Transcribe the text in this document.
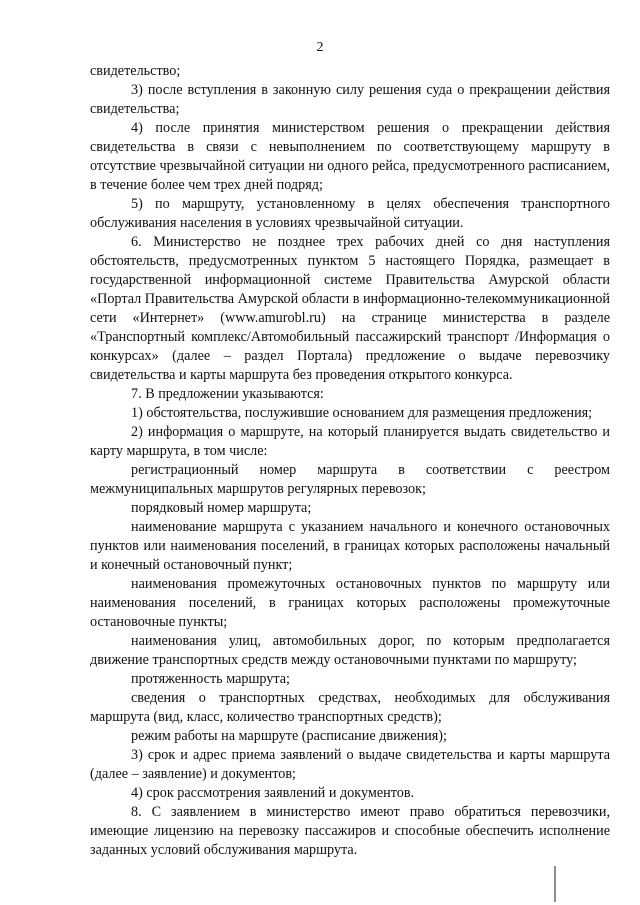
2

свидетельство;

3) после вступления в законную силу решения суда о прекращении действия свидетельства;

4) после принятия министерством решения о прекращении действия свидетельства в связи с невыполнением по соответствующему маршруту в отсутствие чрезвычайной ситуации ни одного рейса, предусмотренного расписанием, в течение более чем трех дней подряд;

5) по маршруту, установленному в целях обеспечения транспортного обслуживания населения в условиях чрезвычайной ситуации.

6. Министерство не позднее трех рабочих дней со дня наступления обстоятельств, предусмотренных пунктом 5 настоящего Порядка, размещает в государственной информационной системе Правительства Амурской области «Портал Правительства Амурской области в информационно-телекоммуникационной сети «Интернет» (www.amurobl.ru) на странице министерства в разделе «Транспортный комплекс/Автомобильный пассажирский транспорт /Информация о конкурсах» (далее – раздел Портала) предложение о выдаче перевозчику свидетельства и карты маршрута без проведения открытого конкурса.

7. В предложении указываются:

1) обстоятельства, послужившие основанием для размещения предложения;

2) информация о маршруте, на который планируется выдать свидетельство и карту маршрута, в том числе:

регистрационный номер маршрута в соответствии с реестром межмуниципальных маршрутов регулярных перевозок;

порядковый номер маршрута;

наименование маршрута с указанием начального и конечного остановочных пунктов или наименования поселений, в границах которых расположены начальный и конечный остановочный пункт;

наименования промежуточных остановочных пунктов по маршруту или наименования поселений, в границах которых расположены промежуточные остановочные пункты;

наименования улиц, автомобильных дорог, по которым предполагается движение транспортных средств между остановочными пунктами по маршруту;

протяженность маршрута;

сведения о транспортных средствах, необходимых для обслуживания маршрута (вид, класс, количество транспортных средств);

режим работы на маршруте (расписание движения);

3) срок и адрес приема заявлений о выдаче свидетельства и карты маршрута (далее – заявление) и документов;

4) срок рассмотрения заявлений и документов.

8. С заявлением в министерство имеют право обратиться перевозчики, имеющие лицензию на перевозку пассажиров и способные обеспечить исполнение заданных условий обслуживания маршрута.
